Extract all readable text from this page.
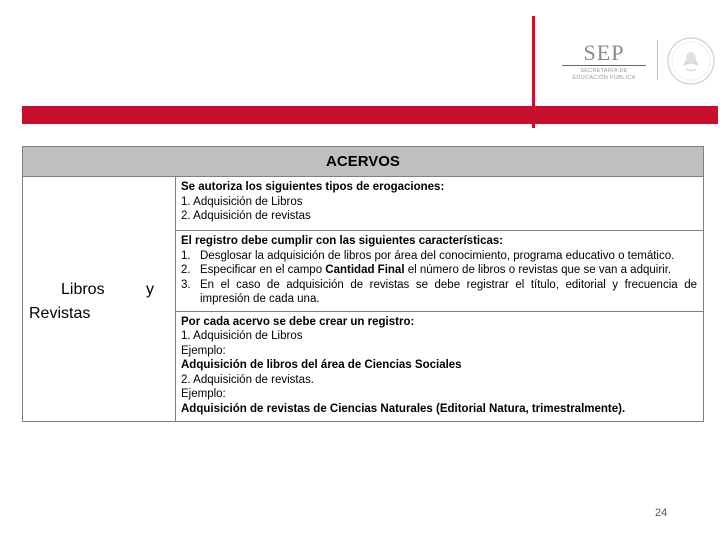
SEP
SECRETARÍA DE
EDUCACIÓN PÚBLICA
ACERVOS

Libros	y
Revistas

Se autoriza los siguientes tipos de erogaciones:
1. Adquisición de Libros
2. Adquisición de revistas

El registro debe cumplir con las siguientes características:
1. Desglosar la adquisición de libros por área del conocimiento, programa educativo o temático.
2. Especificar en el campo Cantidad Final el número de libros o revistas que se van a adquirir.
3. En el caso de adquisición de revistas se debe registrar el título, editorial y frecuencia de impresión de cada una.

Por cada acervo se debe crear un registro:
1. Adquisición de Libros
Ejemplo:
Adquisición de libros del área de Ciencias Sociales
2. Adquisición de revistas.
Ejemplo:
Adquisición de revistas de Ciencias Naturales (Editorial Natura, trimestralmente).
24
